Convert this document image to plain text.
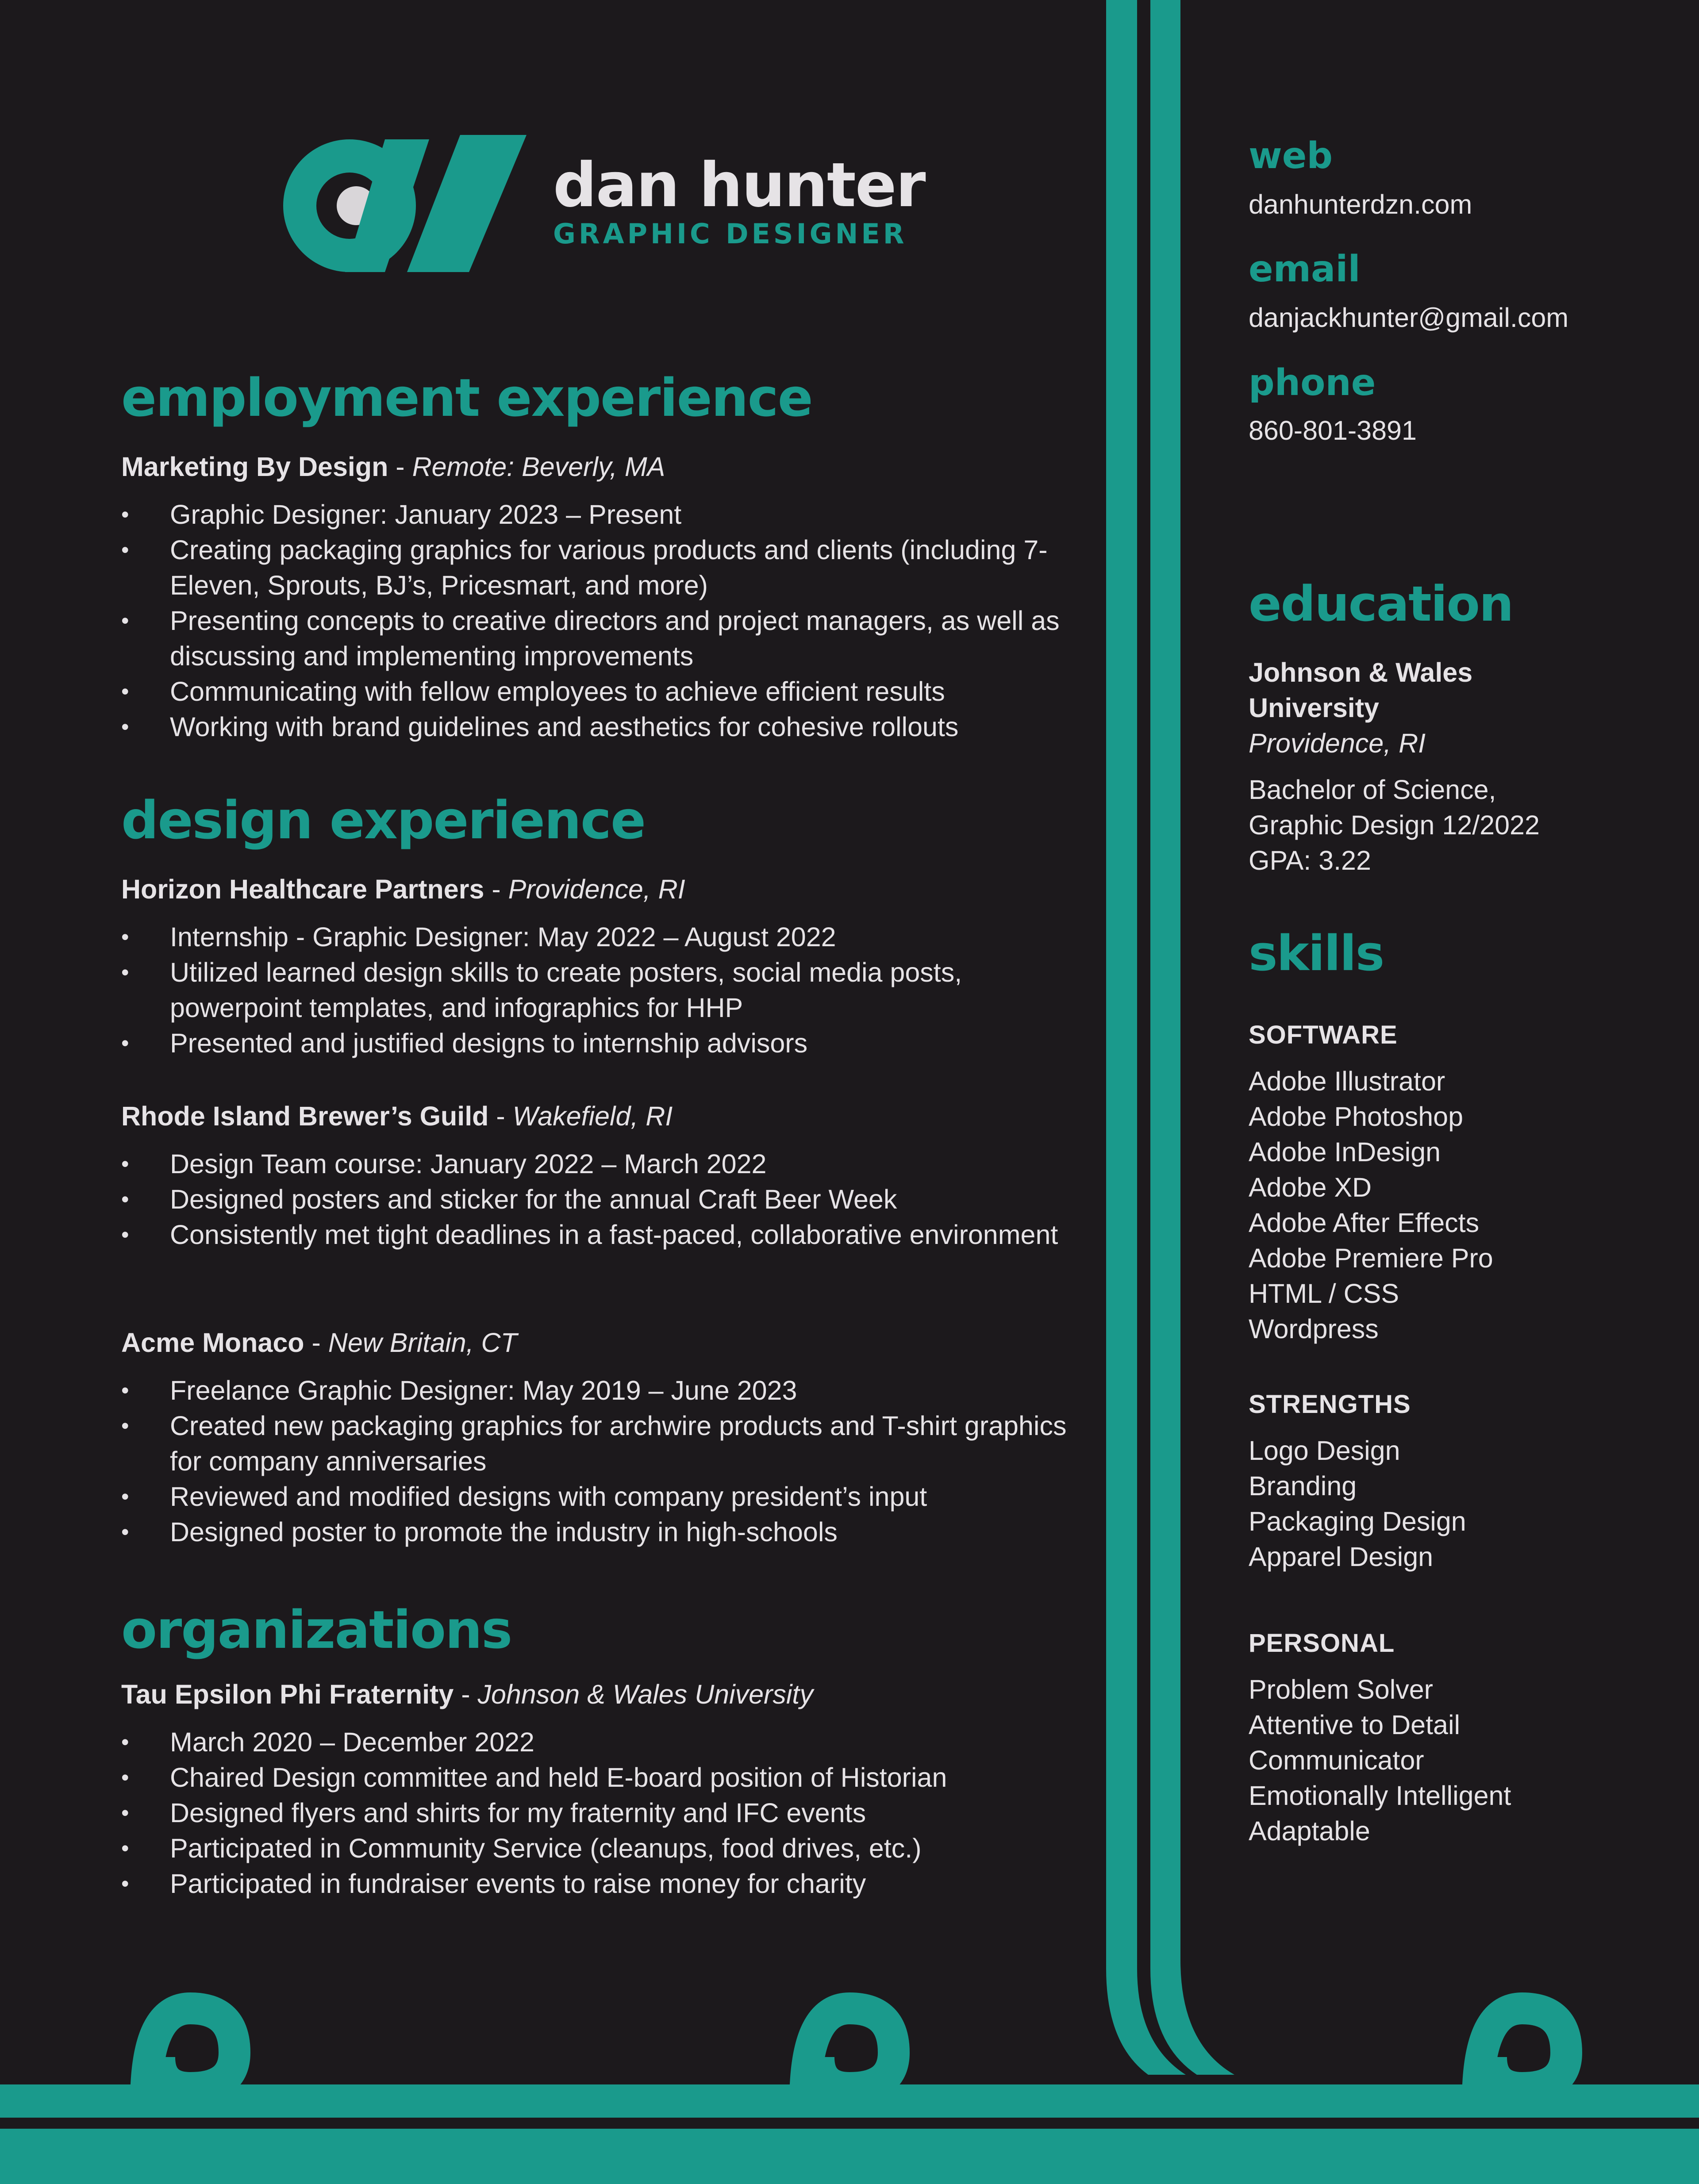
dan hunter
GRAPHIC DESIGNER
employment experience
Marketing By Design - Remote: Beverly, MA
• Graphic Designer: January 2023 – Present
• Creating packaging graphics for various products and clients (including 7-Eleven, Sprouts, BJ’s, Pricesmart, and more)
• Presenting concepts to creative directors and project managers, as well as discussing and implementing improvements
• Communicating with fellow employees to achieve efficient results
• Working with brand guidelines and aesthetics for cohesive rollouts
design experience
Horizon Healthcare Partners - Providence, RI
• Internship - Graphic Designer: May 2022 – August 2022
• Utilized learned design skills to create posters, social media posts, powerpoint templates, and infographics for HHP
• Presented and justified designs to internship advisors
Rhode Island Brewer’s Guild - Wakefield, RI
• Design Team course: January 2022 – March 2022
• Designed posters and sticker for the annual Craft Beer Week
• Consistently met tight deadlines in a fast-paced, collaborative environment
Acme Monaco - New Britain, CT
• Freelance Graphic Designer: May 2019 – June 2023
• Created new packaging graphics for archwire products and T-shirt graphics for company anniversaries
• Reviewed and modified designs with company president’s input
• Designed poster to promote the industry in high-schools
organizations
Tau Epsilon Phi Fraternity - Johnson & Wales University
• March 2020 – December 2022
• Chaired Design committee and held E-board position of Historian
• Designed flyers and shirts for my fraternity and IFC events
• Participated in Community Service (cleanups, food drives, etc.)
• Participated in fundraiser events to raise money for charity
web
danhunterdzn.com
email
danjackhunter@gmail.com
phone
860-801-3891
education
Johnson & Wales
University
Providence, RI
Bachelor of Science,
Graphic Design 12/2022
GPA: 3.22
skills
SOFTWARE
Adobe Illustrator
Adobe Photoshop
Adobe InDesign
Adobe XD
Adobe After Effects
Adobe Premiere Pro
HTML / CSS
Wordpress
STRENGTHS
Logo Design
Branding
Packaging Design
Apparel Design
PERSONAL
Problem Solver
Attentive to Detail
Communicator
Emotionally Intelligent
Adaptable
